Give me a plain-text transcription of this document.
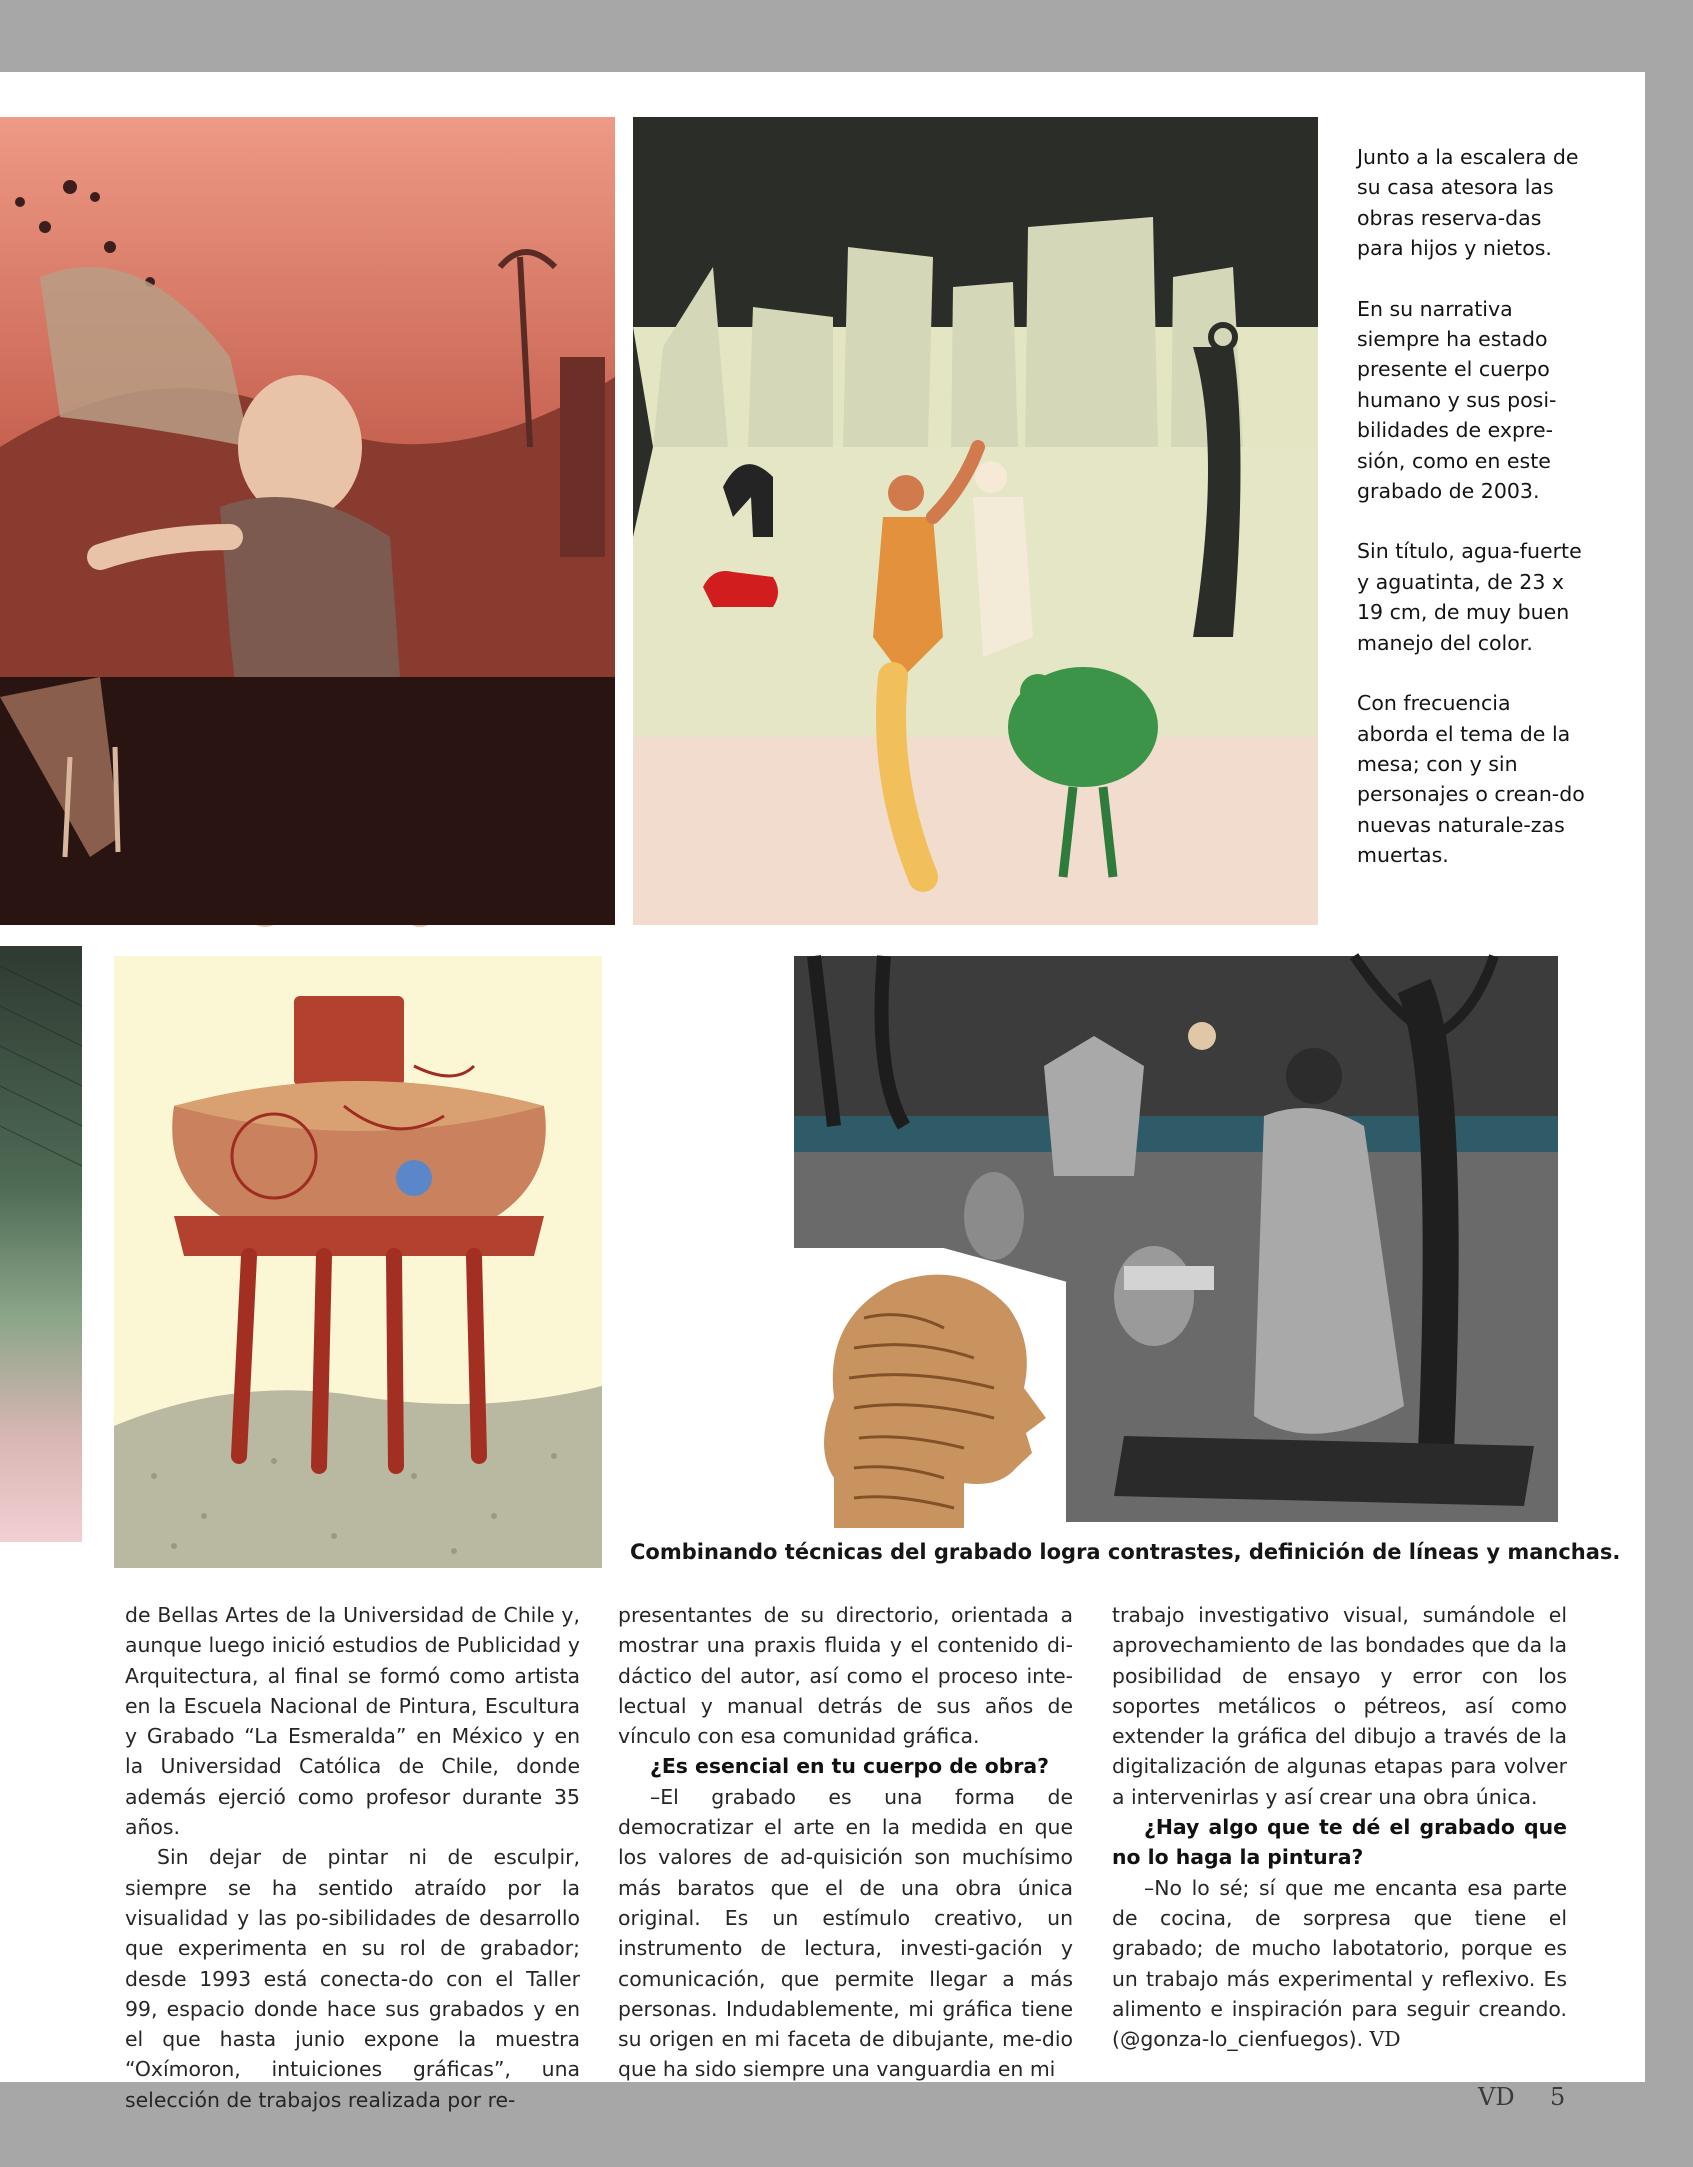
Junto a la escalera de su casa atesora las obras reserva-das para hijos y nietos.

En su narrativa siempre ha estado presente el cuerpo humano y sus posi-bilidades de expre-sión, como en este grabado de 2003.

Sin título, agua-fuerte y aguatinta, de 23 x 19 cm, de muy buen manejo del color.

Con frecuencia aborda el tema de la mesa; con y sin personajes o crean-do nuevas naturale-zas muertas.

Combinando técnicas del grabado logra contrastes, definición de líneas y manchas.

de Bellas Artes de la Universidad de Chile y, aunque luego inició estudios de Publicidad y Arquitectura, al final se formó como artista en la Escuela Nacional de Pintura, Escultura y Grabado “La Esmeralda” en México y en la Universidad Católica de Chile, donde además ejerció como profesor durante 35 años.

Sin dejar de pintar ni de esculpir, siempre se ha sentido atraído por la visualidad y las po-sibilidades de desarrollo que experimenta en su rol de grabador; desde 1993 está conecta-do con el Taller 99, espacio donde hace sus grabados y en el que hasta junio expone la muestra “Oxímoron, intuiciones gráficas”, una selección de trabajos realizada por re-

presentantes de su directorio, orientada a mostrar una praxis fluida y el contenido di-dáctico del autor, así como el proceso inte-lectual y manual detrás de sus años de vínculo con esa comunidad gráfica.

¿Es esencial en tu cuerpo de obra?

–El grabado es una forma de democratizar el arte en la medida en que los valores de ad-quisición son muchísimo más baratos que el de una obra única original. Es un estímulo creativo, un instrumento de lectura, investi-gación y comunicación, que permite llegar a más personas. Indudablemente, mi gráfica tiene su origen en mi faceta de dibujante, me-dio que ha sido siempre una vanguardia en mi

trabajo investigativo visual, sumándole el aprovechamiento de las bondades que da la posibilidad de ensayo y error con los soportes metálicos o pétreos, así como extender la gráfica del dibujo a través de la digitalización de algunas etapas para volver a intervenirlas y así crear una obra única.

¿Hay algo que te dé el grabado que no lo haga la pintura?

–No lo sé; sí que me encanta esa parte de cocina, de sorpresa que tiene el grabado; de mucho labotatorio, porque es un trabajo más experimental y reflexivo. Es alimento e inspiración para seguir creando. (@gonza-lo_cienfuegos). VD

VD 5
